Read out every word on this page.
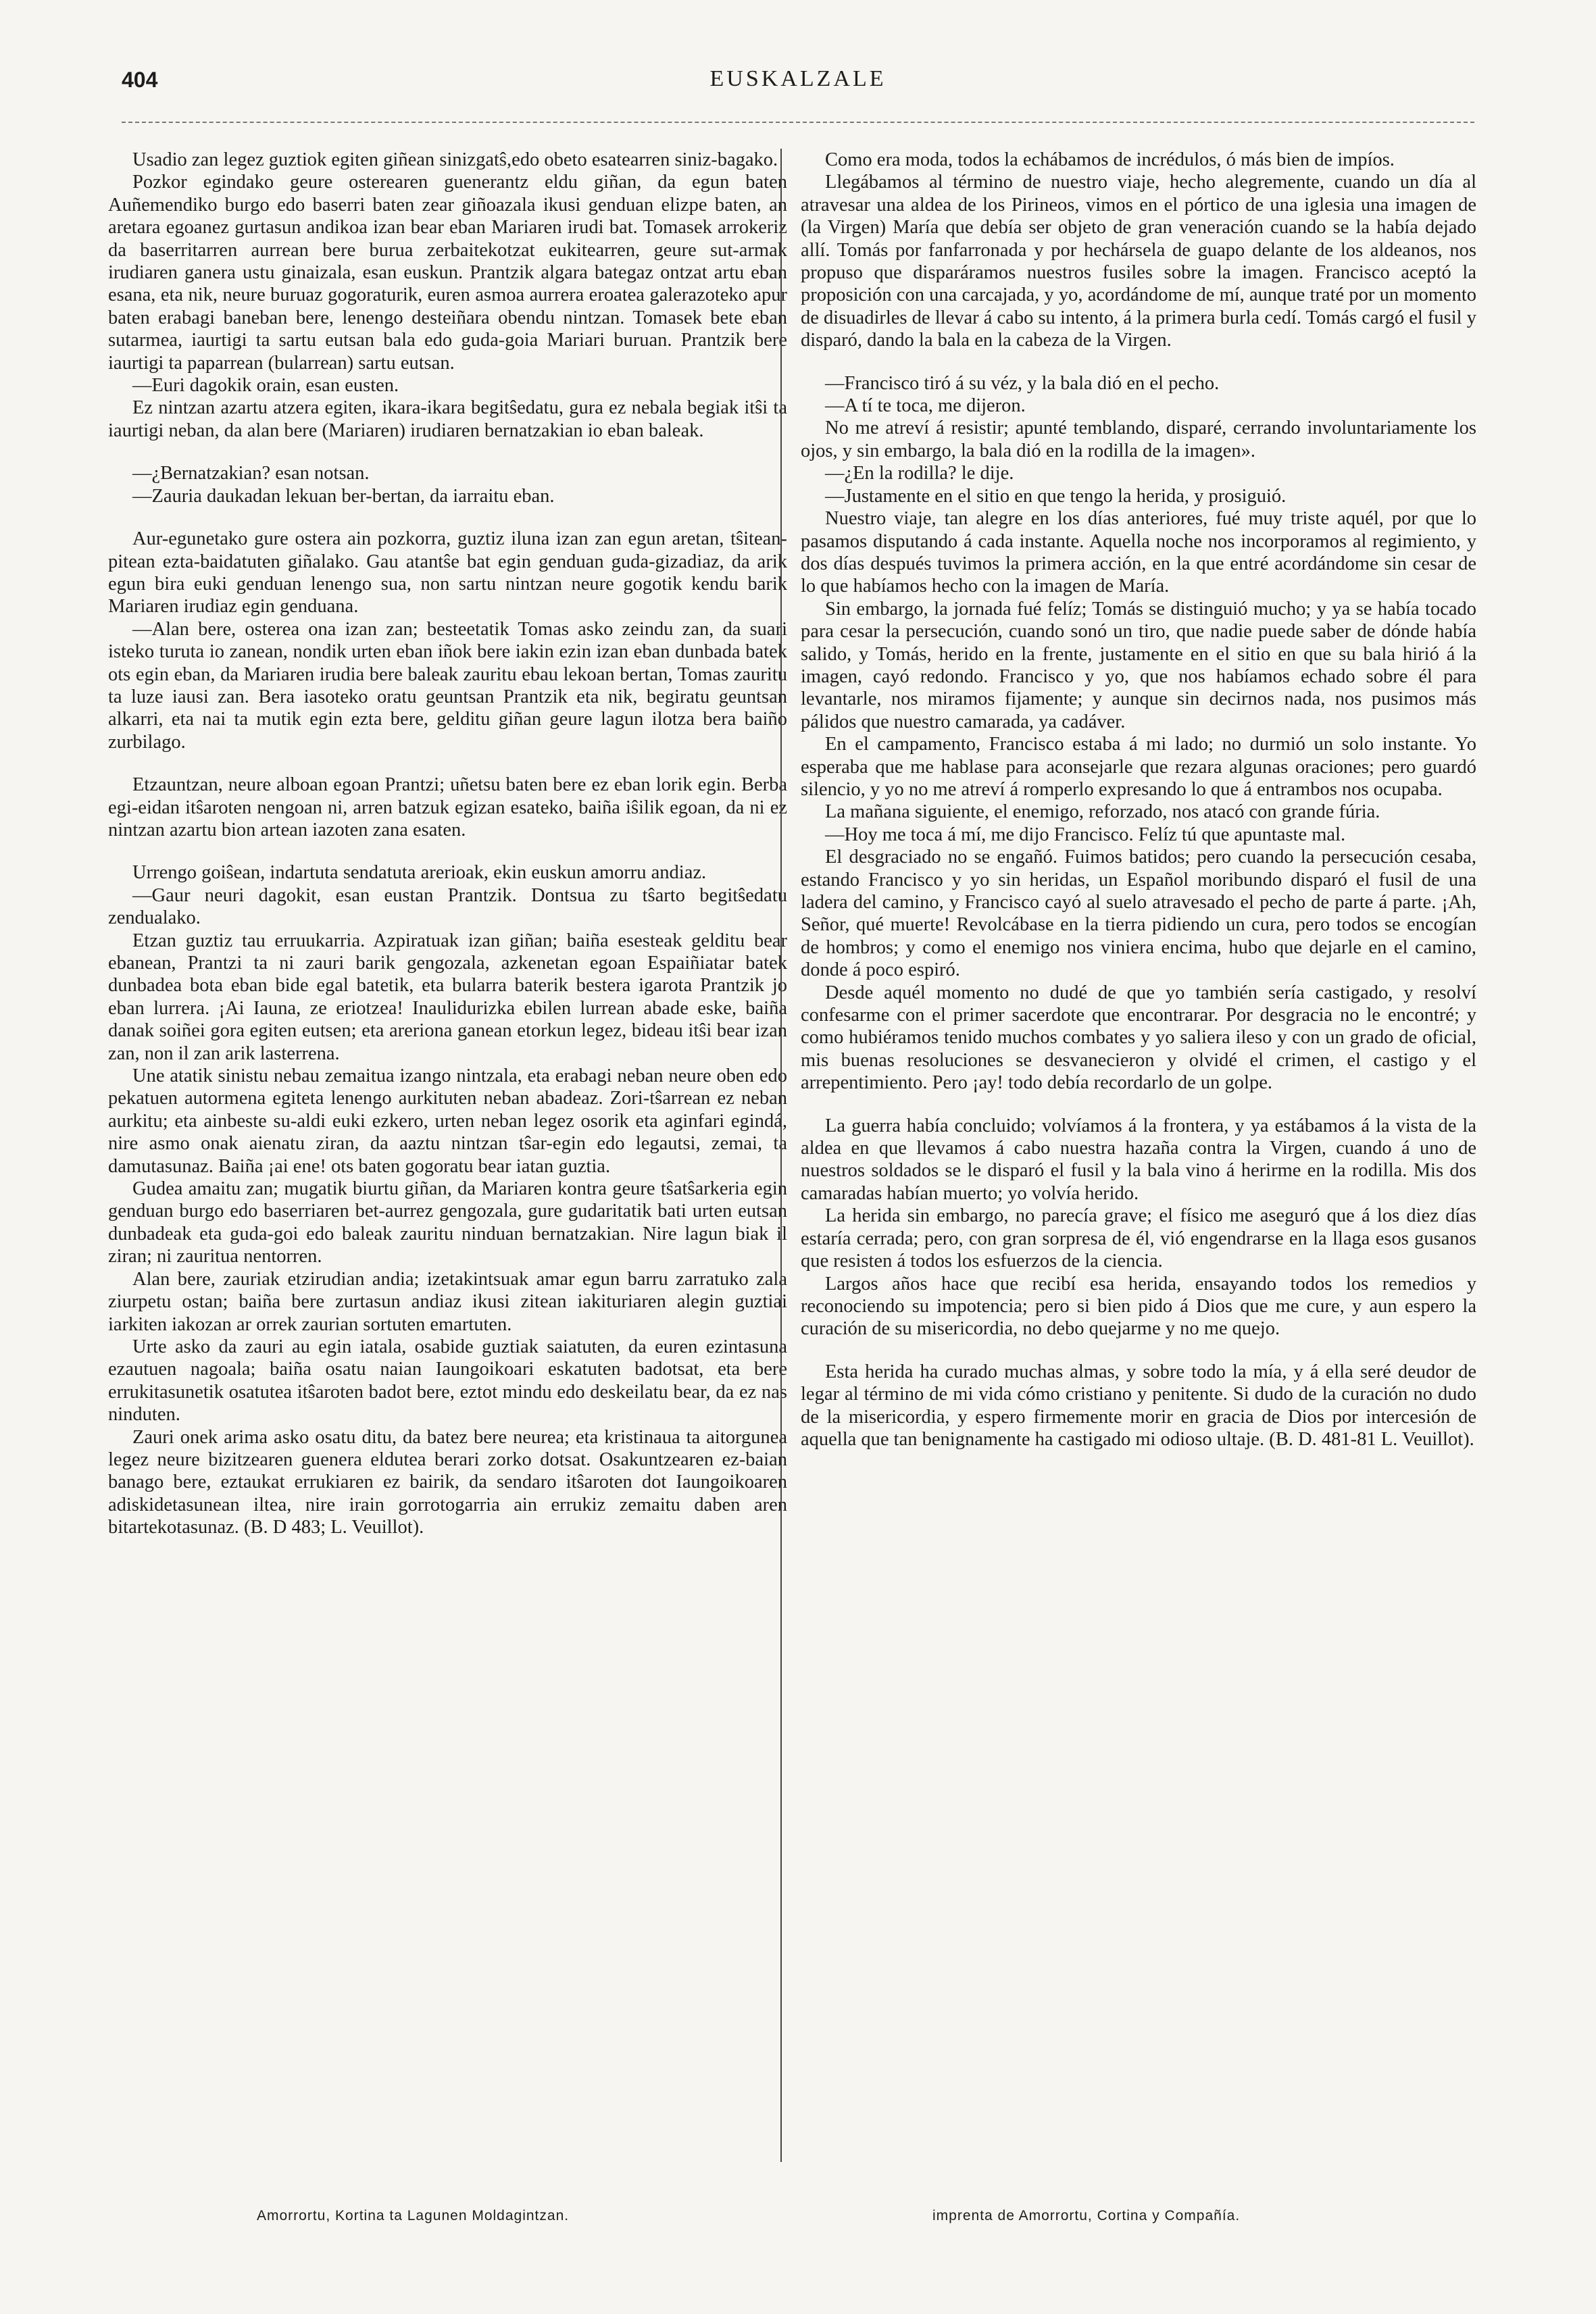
404	EUSKALZALE

Usadio zan legez guztiok egiten giñean sinizgatŝ,edo obeto esatearren siniz-bagako.

Pozkor egindako geure osterearen guenerantz eldu giñan, da egun baten Auñemendiko burgo edo baserri baten zear giñoazala ikusi genduan elizpe baten, an aretara egoanez gurtasun andikoa izan bear eban Mariaren irudi bat. Tomasek arrokeriz da baserritarren aurrean bere burua zerbaitekotzat eukitearren, geure sut-armak irudiaren ganera ustu ginaizala, esan euskun. Prantzik algara bategaz ontzat artu eban esana, eta nik, neure buruaz gogoraturik, euren asmoa aurrera eroatea galerazoteko apur baten erabagi baneban bere, lenengo desteiñara obendu nintzan. Tomasek bete eban sutarmea, iaurtigi ta sartu eutsan bala edo guda-goia Mariari buruan. Prantzik bere iaurtigi ta paparrean (bularrean) sartu eutsan.

—Euri dagokik orain, esan eusten.

Ez nintzan azartu atzera egiten, ikara-ikara begitŝedatu, gura ez nebala begiak itŝi ta iaurtigi neban, da alan bere (Mariaren) irudiaren bernatzakian io eban baleak.

—¿Bernatzakian? esan notsan.

—Zauria daukadan lekuan ber-bertan, da iarraitu eban.

Aur-egunetako gure ostera ain pozkorra, guztiz iluna izan zan egun aretan, tŝitean-pitean ezta-baidatuten giñalako. Gau atantŝe bat egin genduan guda-gizadiaz, da arik egun bira euki genduan lenengo sua, non sartu nintzan neure gogotik kendu barik Mariaren irudiaz egin genduana.

—Alan bere, osterea ona izan zan; besteetatik Tomas asko zeindu zan, da suari isteko turuta io zanean, nondik urten eban iñok bere iakin ezin izan eban dunbada batek ots egin eban, da Mariaren irudia bere baleak zauritu ebau lekoan bertan, Tomas zauritu ta luze iausi zan. Bera iasoteko oratu geuntsan Prantzik eta nik, begiratu geuntsan alkarri, eta nai ta mutik egin ezta bere, gelditu giñan geure lagun ilotza bera baiño zurbilago.

Etzauntzan, neure alboan egoan Prantzi; uñetsu baten bere ez eban lorik egin. Berba egi-eidan itŝaroten nengoan ni, arren batzuk egizan esateko, baiña iŝilik egoan, da ni ez nintzan azartu bion artean iazoten zana esaten.

Urrengo goiŝean, indartuta sendatuta arerioak, ekin euskun amorru andiaz.

—Gaur neuri dagokit, esan eustan Prantzik. Dontsua zu tŝarto begitŝedatu zendualako.

Etzan guztiz tau erruukarria. Azpiratuak izan giñan; baiña esesteak gelditu bear ebanean, Prantzi ta ni zauri barik gengozala, azkenetan egoan Espaiñiatar batek dunbadea bota eban bide egal batetik, eta bularra baterik bestera igarota Prantzik jo eban lurrera. ¡Ai Iauna, ze eriotzea! Inaulidurizka ebilen lurrean abade eske, baiña danak soiñei gora egiten eutsen; eta areriona ganean etorkun legez, bideau itŝi bear izan zan, non il zan arik lasterrena.

Une atatik sinistu nebau zemaitua izango nintzala, eta erabagi neban neure oben edo pekatuen autormena egiteta lenengo aurkituten neban abadeaz. Zori-tŝarrean ez neban aurkitu; eta ainbeste su-aldi euki ezkero, urten neban legez osorik eta aginfari egindá, nire asmo onak aienatu ziran, da aaztu nintzan tŝar-egin edo legautsi, zemai, ta damutasunaz. Baiña ¡ai ene! ots baten gogoratu bear iatan guztia.

Gudea amaitu zan; mugatik biurtu giñan, da Mariaren kontra geure tŝatŝarkeria egin genduan burgo edo baserriaren bet-aurrez gengozala, gure gudaritatik bati urten eutsan dunbadeak eta guda-goi edo baleak zauritu ninduan bernatzakian. Nire lagun biak il ziran; ni zauritua nentorren.

Alan bere, zauriak etzirudian andia; izetakintsuak amar egun barru zarratuko zala ziurpetu ostan; baiña bere zurtasun andiaz ikusi zitean iakituriaren alegin guztiai iarkiten iakozan ar orrek zaurian sortuten emartuten.

Urte asko da zauri au egin iatala, osabide guztiak saiatuten, da euren ezintasuna ezautuen nagoala; baiña osatu naian Iaungoikoari eskatuten badotsat, eta bere errukitasunetik osatutea itŝaroten badot bere, eztot mindu edo deskeilatu bear, da ez nas ninduten.

Zauri onek arima asko osatu ditu, da batez bere neurea; eta kristinaua ta aitorgunea legez neure bizitzearen guenera elduteа berari zorko dotsat. Osakuntzearen ez-baian banago bere, eztaukat errukiaren ez bairik, da sendaro itŝaroten dot Iaungoikoaren adiskidetasunean iltea, nire irain gorrotogarria ain errukiz zemaitu daben aren bitartekotasunaz. (B. D 483; L. Veuillot).

Como era moda, todos la echábamos de incrédulos, ó más bien de impíos.

Llegábamos al término de nuestro viaje, hecho alegremente, cuando un día al atravesar una aldea de los Pirineos, vimos en el pórtico de una iglesia una imagen de (la Virgen) María que debía ser objeto de gran veneración cuando se la había dejado allí. Tomás por fanfarronada y por hechársela de guapo delante de los aldeanos, nos propuso que disparáramos nuestros fusiles sobre la imagen. Francisco aceptó la proposición con una carcajada, y yo, acordándome de mí, aunque traté por un momento de disuadirles de llevar á cabo su intento, á la primera burla cedí. Tomás cargó el fusil y disparó, dando la bala en la cabeza de la Virgen.

—Francisco tiró á su véz, y la bala dió en el pecho.

—A tí te toca, me dijeron.

No me atreví á resistir; apunté temblando, disparé, cerrando involuntariamente los ojos, y sin embargo, la bala dió en la rodilla de la imagen».

—¿En la rodilla? le dije.

—Justamente en el sitio en que tengo la herida, y prosiguió.

Nuestro viaje, tan alegre en los días anteriores, fué muy triste aquél, por que lo pasamos disputando á cada instante. Aquella noche nos incorporamos al regimiento, y dos días después tuvimos la primera acción, en la que entré acordándome sin cesar de lo que habíamos hecho con la imagen de María.

Sin embargo, la jornada fué felíz; Tomás se distinguió mucho; y ya se había tocado para cesar la persecución, cuando sonó un tiro, que nadie puede saber de dónde había salido, y Tomás, herido en la frente, justamente en el sitio en que su bala hirió á la imagen, cayó redondo. Francisco y yo, que nos habíamos echado sobre él para levantarle, nos miramos fijamente; y aunque sin decirnos nada, nos pusimos más pálidos que nuestro camarada, ya cadáver.

En el campamento, Francisco estaba á mi lado; no durmió un solo instante. Yo esperaba que me hablase para aconsejarle que rezara algunas oraciones; pero guardó silencio, y yo no me atreví á romperlo expresando lo que á entrambos nos ocupaba.

La mañana siguiente, el enemigo, reforzado, nos atacó con grande fúria.

—Hoy me toca á mí, me dijo Francisco. Felíz tú que apuntaste mal.

El desgraciado no se engañó. Fuimos batidos; pero cuando la persecución cesaba, estando Francisco y yo sin heridas, un Español moribundo disparó el fusil de una ladera del camino, y Francisco cayó al suelo atravesado el pecho de parte á parte. ¡Ah, Señor, qué muerte! Revolcábase en la tierra pidiendo un cura, pero todos se encogían de hombros; y como el enemigo nos viniera encima, hubo que dejarle en el camino, donde á poco espiró.

Desde aquél momento no dudé de que yo también sería castigado, y resolví confesarme con el primer sacerdote que encontrarar. Por desgracia no le encontré; y como hubiéramos tenido muchos combates y yo saliera ileso y con un grado de oficial, mis buenas resoluciones se desvanecieron y olvidé el crimen, el castigo y el arrepentimiento. Pero ¡ay! todo debía recordarlo de un golpe.

La guerra había concluido; volvíamos á la frontera, y ya estábamos á la vista de la aldea en que llevamos á cabo nuestra hazaña contra la Virgen, cuando á uno de nuestros soldados se le disparó el fusil y la bala vino á herirme en la rodilla. Mis dos camaradas habían muerto; yo volvía herido.

La herida sin embargo, no parecía grave; el físico me aseguró que á los diez días estaría cerrada; pero, con gran sorpresa de él, vió engendrarse en la llaga esos gusanos que resisten á todos los esfuerzos de la ciencia.

Largos años hace que recibí esa herida, ensayando todos los remedios y reconociendo su impotencia; pero si bien pido á Dios que me cure, y aun espero la curación de su misericordia, no debo quejarme y no me quejo.

Esta herida ha curado muchas almas, y sobre todo la mía, y á ella seré deudor de legar al término de mi vida cómo cristiano y penitente. Si dudo de la curación no dudo de la misericordia, y espero firmemente morir en gracia de Dios por intercesión de aquella que tan benignamente ha castigado mi odioso ultaje. (B. D. 481-81 L. Veuillot).

Amorrortu, Kortina ta Lagunen Moldagintzan.	imprenta de Amorrortu, Cortina y Compañía.
